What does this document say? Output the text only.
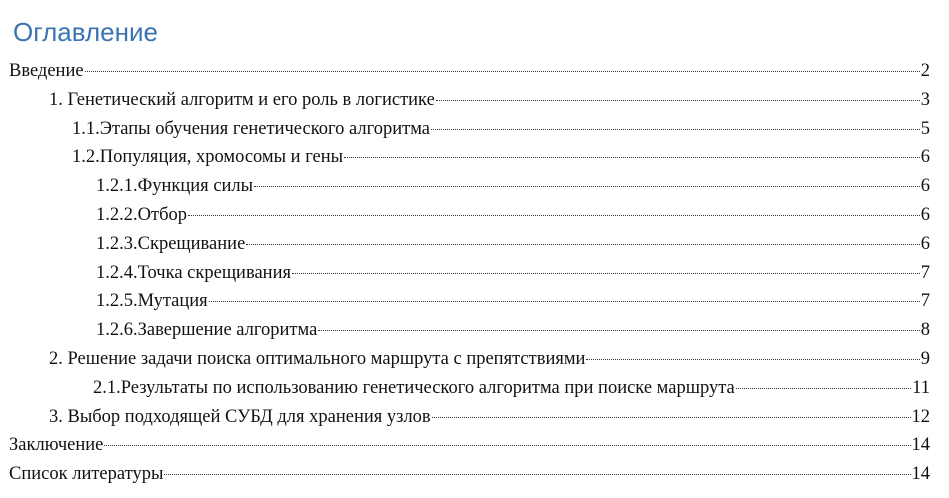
Оглавление
Введение	2
1. Генетический алгоритм и его роль в логистике	3
1.1.Этапы обучения генетического алгоритма	5
1.2.Популяция, хромосомы и гены	6
1.2.1.Функция силы	6
1.2.2.Отбор	6
1.2.3.Скрещивание	6
1.2.4.Точка скрещивания	7
1.2.5.Мутация	7
1.2.6.Завершение алгоритма	8
2. Решение задачи поиска оптимального маршрута с препятствиями	9
2.1.Результаты по использованию генетического алгоритма при поиске маршрута	11
3. Выбор подходящей СУБД для хранения узлов	12
Заключение	14
Список литературы	14
